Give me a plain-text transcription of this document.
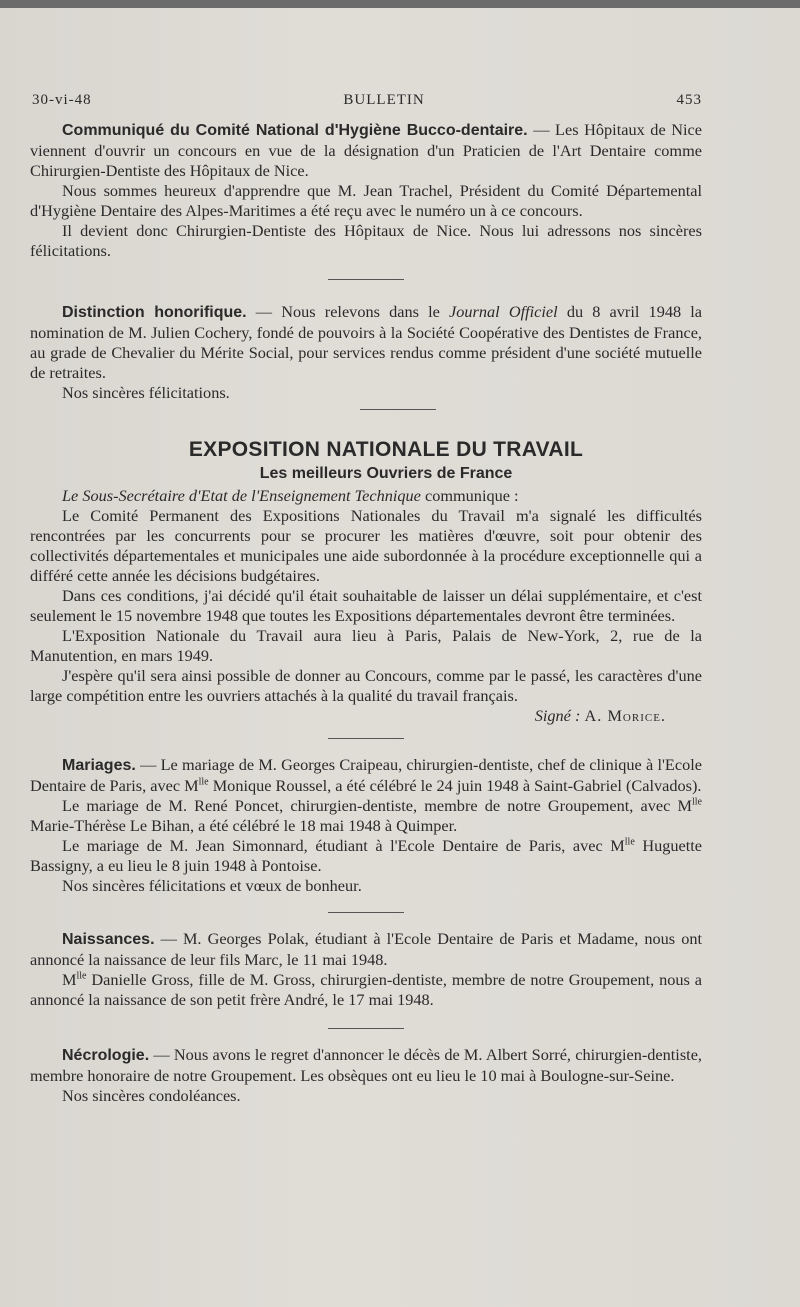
30-vi-48	BULLETIN	453

Communiqué du Comité National d'Hygiène Bucco-dentaire. — Les Hôpitaux de Nice viennent d'ouvrir un concours en vue de la désignation d'un Praticien de l'Art Dentaire comme Chirurgien-Dentiste des Hôpitaux de Nice.

Nous sommes heureux d'apprendre que M. Jean Trachel, Président du Comité Départemental d'Hygiène Dentaire des Alpes-Maritimes a été reçu avec le numéro un à ce concours.

Il devient donc Chirurgien-Dentiste des Hôpitaux de Nice. Nous lui adressons nos sincères félicitations.

Distinction honorifique. — Nous relevons dans le Journal Officiel du 8 avril 1948 la nomination de M. Julien Cochery, fondé de pouvoirs à la Société Coopérative des Dentistes de France, au grade de Chevalier du Mérite Social, pour services rendus comme président d'une société mutuelle de retraites.

Nos sincères félicitations.

EXPOSITION NATIONALE DU TRAVAIL
Les meilleurs Ouvriers de France

Le Sous-Secrétaire d'Etat de l'Enseignement Technique communique :

Le Comité Permanent des Expositions Nationales du Travail m'a signalé les difficultés rencontrées par les concurrents pour se procurer les matières d'œuvre, soit pour obtenir des collectivités départementales et municipales une aide subordonnée à la procédure exceptionnelle qui a différé cette année les décisions budgétaires.

Dans ces conditions, j'ai décidé qu'il était souhaitable de laisser un délai supplémentaire, et c'est seulement le 15 novembre 1948 que toutes les Expositions départementales devront être terminées.

L'Exposition Nationale du Travail aura lieu à Paris, Palais de New-York, 2, rue de la Manutention, en mars 1949.

J'espère qu'il sera ainsi possible de donner au Concours, comme par le passé, les caractères d'une large compétition entre les ouvriers attachés à la qualité du travail français.

Signé : A. Morice.

Mariages. — Le mariage de M. Georges Craipeau, chirurgien-dentiste, chef de clinique à l'Ecole Dentaire de Paris, avec $M^{lle}$ Monique Roussel, a été célébré le 24 juin 1948 à Saint-Gabriel (Calvados).

Le mariage de M. René Poncet, chirurgien-dentiste, membre de notre Groupement, avec $M^{lle}$ Marie-Thérèse Le Bihan, a été célébré le 18 mai 1948 à Quimper.

Le mariage de M. Jean Simonnard, étudiant à l'Ecole Dentaire de Paris, avec $M^{lle}$ Huguette Bassigny, a eu lieu le 8 juin 1948 à Pontoise.

Nos sincères félicitations et vœux de bonheur.

Naissances. — M. Georges Polak, étudiant à l'Ecole Dentaire de Paris et Madame, nous ont annoncé la naissance de leur fils Marc, le 11 mai 1948.

$M^{lle}$ Danielle Gross, fille de M. Gross, chirurgien-dentiste, membre de notre Groupement, nous a annoncé la naissance de son petit frère André, le 17 mai 1948.

Nécrologie. — Nous avons le regret d'annoncer le décès de M. Albert Sorré, chirurgien-dentiste, membre honoraire de notre Groupement. Les obsèques ont eu lieu le 10 mai à Boulogne-sur-Seine.

Nos sincères condoléances.
